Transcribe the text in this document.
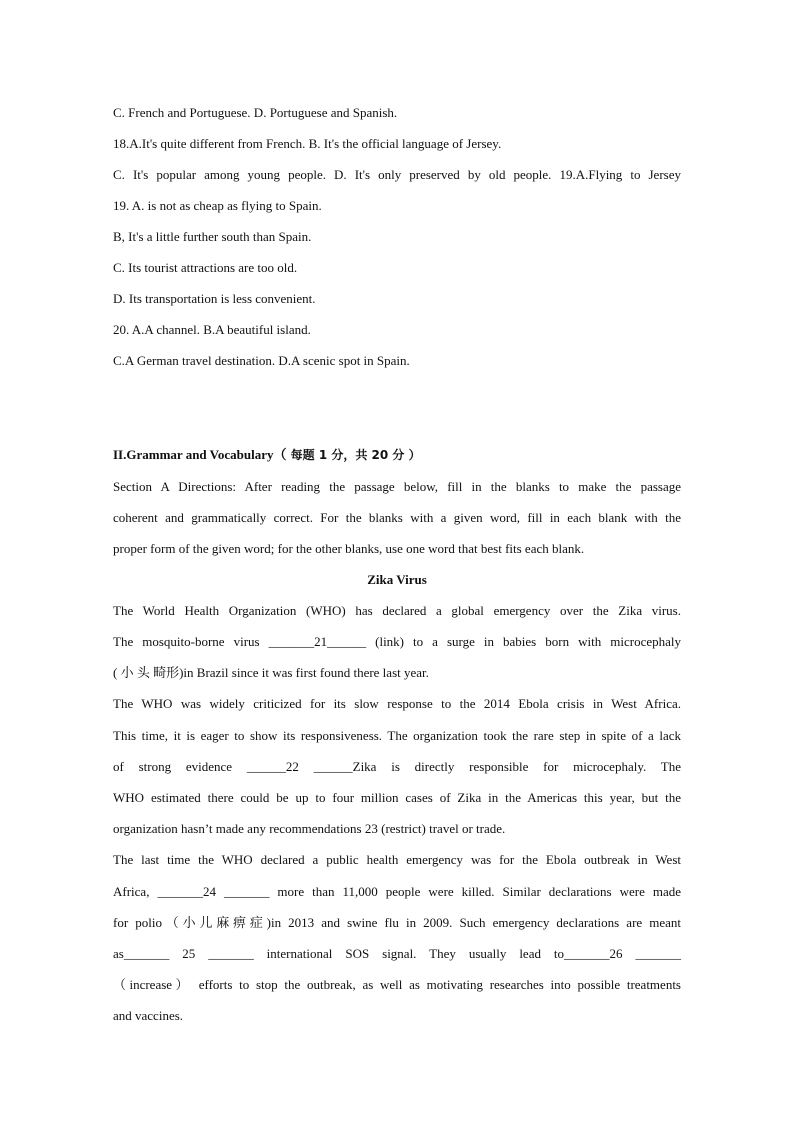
C. French and Portuguese. D. Portuguese and Spanish.
18.A.It's quite different from French. B. It's the official language of Jersey.
C. It's popular among young people. D. It's only preserved by old people. 19.A.Flying to Jersey
19. A. is not as cheap as flying to Spain.
B, It's a little further south than Spain.
C. Its tourist attractions are too old.
D. Its transportation is less convenient.
20. A.A channel. B.A beautiful island.
C.A German travel destination. D.A scenic spot in Spain.
II.Grammar and Vocabulary（ 每题 1 分，共 20 分 ）
Section A Directions: After reading the passage below, fill in the blanks to make the passage
coherent and grammatically correct. For the blanks with a given word, fill in each blank with the
proper form of the given word; for the other blanks, use one word that best fits each blank.
Zika Virus
The World Health Organization (WHO) has declared a global emergency over the Zika virus.
The mosquito-borne virus _______21______ (link) to a surge in babies born with microcephaly
( 小 头 畸形)in Brazil since it was first found there last year.
The WHO was widely criticized for its slow response to the 2014 Ebola crisis in West Africa.
This time, it is eager to show its responsiveness. The organization took the rare step in spite of a lack
of strong evidence ______22 ______Zika is directly responsible for microcephaly. The
WHO estimated there could be up to four million cases of Zika in the Americas this year, but the
organization hasn’t made any recommendations 23 (restrict) travel or trade.
The last time the WHO declared a public health emergency was for the Ebola outbreak in West
Africa, _______24 _______ more than 11,000 people were killed. Similar declarations were made
for polio（小儿麻痹症)in 2013 and swine flu in 2009. Such emergency declarations are meant
as_______ 25 _______ international SOS signal. They usually lead to_______26 _______
（increase） efforts to stop the outbreak, as well as motivating researches into possible treatments
and vaccines.
